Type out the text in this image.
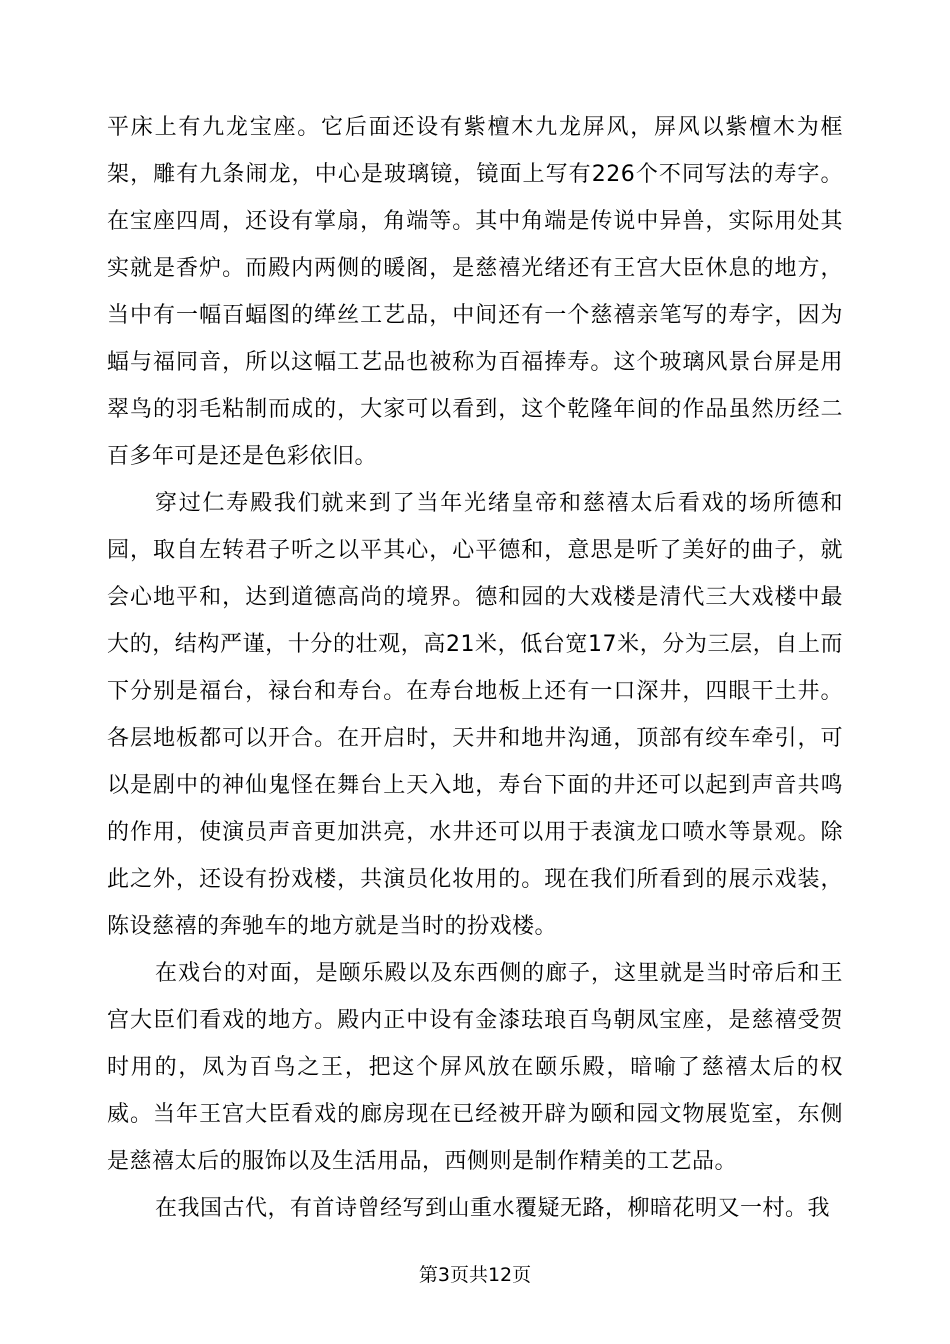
平床上有九龙宝座。它后面还设有紫檀木九龙屏风，屏风以紫檀木为框架，雕有九条闹龙，中心是玻璃镜，镜面上写有226个不同写法的寿字。在宝座四周，还设有掌扇，角端等。其中角端是传说中异兽，实际用处其实就是香炉。而殿内两侧的暖阁，是慈禧光绪还有王宫大臣休息的地方，当中有一幅百蝠图的缂丝工艺品，中间还有一个慈禧亲笔写的寿字，因为蝠与福同音，所以这幅工艺品也被称为百福捧寿。这个玻璃风景台屏是用翠鸟的羽毛粘制而成的，大家可以看到，这个乾隆年间的作品虽然历经二百多年可是还是色彩依旧。

穿过仁寿殿我们就来到了当年光绪皇帝和慈禧太后看戏的场所德和园，取自左转君子听之以平其心，心平德和，意思是听了美好的曲子，就会心地平和，达到道德高尚的境界。德和园的大戏楼是清代三大戏楼中最大的，结构严谨，十分的壮观，高21米，低台宽17米，分为三层，自上而下分别是福台，禄台和寿台。在寿台地板上还有一口深井，四眼干土井。各层地板都可以开合。在开启时，天井和地井沟通，顶部有绞车牵引，可以是剧中的神仙鬼怪在舞台上天入地，寿台下面的井还可以起到声音共鸣的作用，使演员声音更加洪亮，水井还可以用于表演龙口喷水等景观。除此之外，还设有扮戏楼，共演员化妆用的。现在我们所看到的展示戏装，陈设慈禧的奔驰车的地方就是当时的扮戏楼。

在戏台的对面，是颐乐殿以及东西侧的廊子，这里就是当时帝后和王宫大臣们看戏的地方。殿内正中设有金漆珐琅百鸟朝凤宝座，是慈禧受贺时用的，凤为百鸟之王，把这个屏风放在颐乐殿，暗喻了慈禧太后的权威。当年王宫大臣看戏的廊房现在已经被开辟为颐和园文物展览室，东侧是慈禧太后的服饰以及生活用品，西侧则是制作精美的工艺品。

在我国古代，有首诗曾经写到山重水覆疑无路，柳暗花明又一村。我

第3页共12页
